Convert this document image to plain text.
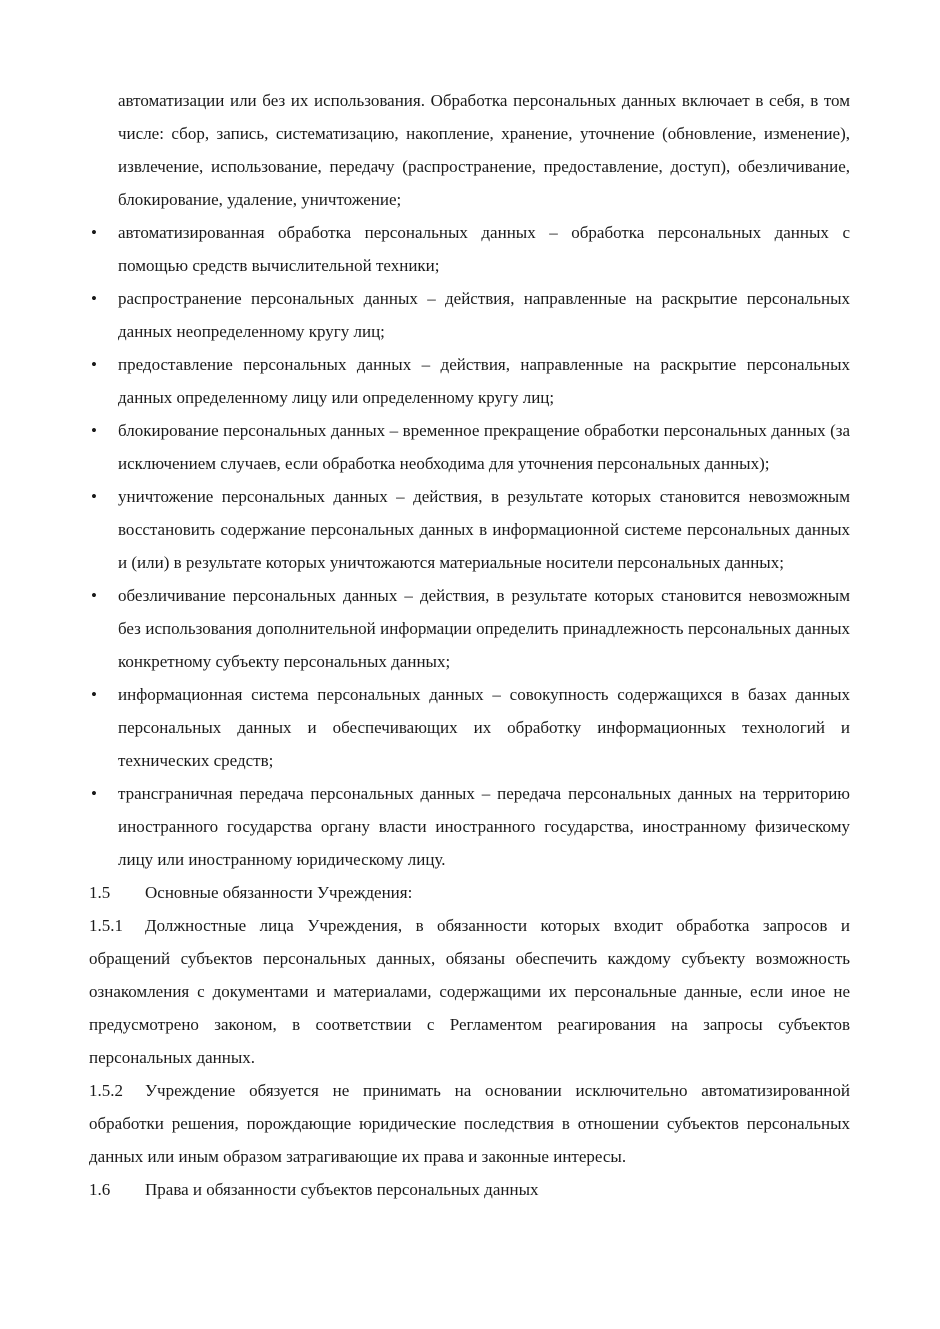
автоматизации или без их использования. Обработка персональных данных включает в себя, в том числе: сбор, запись, систематизацию, накопление, хранение, уточнение (обновление, изменение), извлечение, использование, передачу (распространение, предоставление, доступ), обезличивание, блокирование, удаление, уничтожение;

• автоматизированная обработка персональных данных – обработка персональных данных с помощью средств вычислительной техники;

• распространение персональных данных – действия, направленные на раскрытие персональных данных неопределенному кругу лиц;

• предоставление персональных данных – действия, направленные на раскрытие персональных данных определенному лицу или определенному кругу лиц;

• блокирование персональных данных – временное прекращение обработки персональных данных (за исключением случаев, если обработка необходима для уточнения персональных данных);

• уничтожение персональных данных – действия, в результате которых становится невозможным восстановить содержание персональных данных в информационной системе персональных данных и (или) в результате которых уничтожаются материальные носители персональных данных;

• обезличивание персональных данных – действия, в результате которых становится невозможным без использования дополнительной информации определить принадлежность персональных данных конкретному субъекту персональных данных;

• информационная система персональных данных – совокупность содержащихся в базах данных персональных данных и обеспечивающих их обработку информационных технологий и технических средств;

• трансграничная передача персональных данных – передача персональных данных на территорию иностранного государства органу власти иностранного государства, иностранному физическому лицу или иностранному юридическому лицу.

1.5	Основные обязанности Учреждения:

1.5.1 Должностные лица Учреждения, в обязанности которых входит обработка запросов и обращений субъектов персональных данных, обязаны обеспечить каждому субъекту возможность ознакомления с документами и материалами, содержащими их персональные данные, если иное не предусмотрено законом, в соответствии с Регламентом реагирования на запросы субъектов персональных данных.

1.5.2 Учреждение обязуется не принимать на основании исключительно автоматизированной обработки решения, порождающие юридические последствия в отношении субъектов персональных данных или иным образом затрагивающие их права и законные интересы.

1.6	Права и обязанности субъектов персональных данных
